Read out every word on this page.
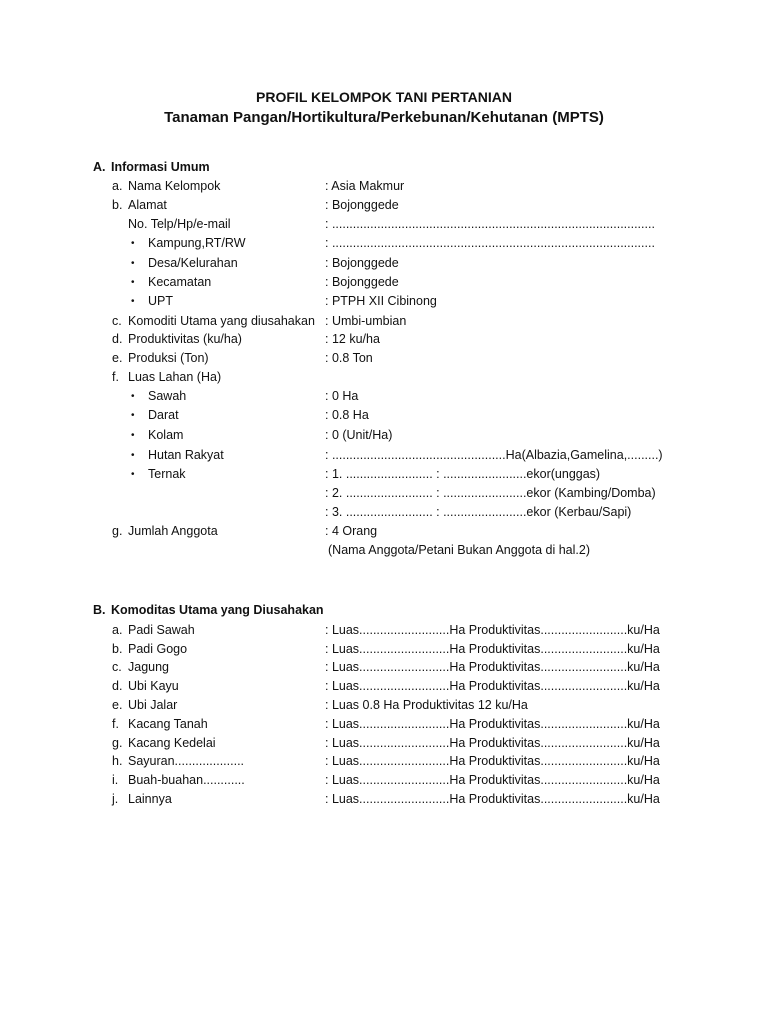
PROFIL KELOMPOK TANI PERTANIAN
Tanaman Pangan/Hortikultura/Perkebunan/Kehutanan (MPTS)
A. Informasi Umum
a. Nama Kelompok	: Asia Makmur
b. Alamat	: Bojonggede
No. Telp/Hp/e-mail	: .............................................................................................
• Kampung,RT/RW	: .............................................................................................
• Desa/Kelurahan	: Bojonggede
• Kecamatan	: Bojonggede
• UPT	: PTPH XII Cibinong
c. Komoditi Utama yang diusahakan : Umbi-umbian
d. Produktivitas (ku/ha)	: 12 ku/ha
e. Produksi (Ton)	: 0.8 Ton
f. Luas Lahan (Ha)
• Sawah	: 0 Ha
• Darat	: 0.8 Ha
• Kolam	: 0 (Unit/Ha)
• Hutan Rakyat	: ..................................................Ha(Albazia,Gamelina,.........)
• Ternak	: 1. ......................... : ........................ekor(unggas)
: 2. ......................... : ........................ekor (Kambing/Domba)
: 3. ......................... : ........................ekor (Kerbau/Sapi)
g. Jumlah Anggota	: 4 Orang
(Nama Anggota/Petani Bukan Anggota di hal.2)
B. Komoditas Utama yang Diusahakan
a. Padi Sawah	: Luas..........................Ha Produktivitas.........................ku/Ha
b. Padi Gogo	: Luas..........................Ha Produktivitas.........................ku/Ha
c. Jagung	: Luas..........................Ha Produktivitas.........................ku/Ha
d. Ubi Kayu	: Luas..........................Ha Produktivitas.........................ku/Ha
e. Ubi Jalar	: Luas 0.8 Ha Produktivitas 12 ku/Ha
f. Kacang Tanah	: Luas..........................Ha Produktivitas.........................ku/Ha
g. Kacang Kedelai	: Luas..........................Ha Produktivitas.........................ku/Ha
h. Sayuran....................	: Luas..........................Ha Produktivitas.........................ku/Ha
i. Buah-buahan............	: Luas..........................Ha Produktivitas.........................ku/Ha
j. Lainnya	: Luas..........................Ha Produktivitas.........................ku/Ha
